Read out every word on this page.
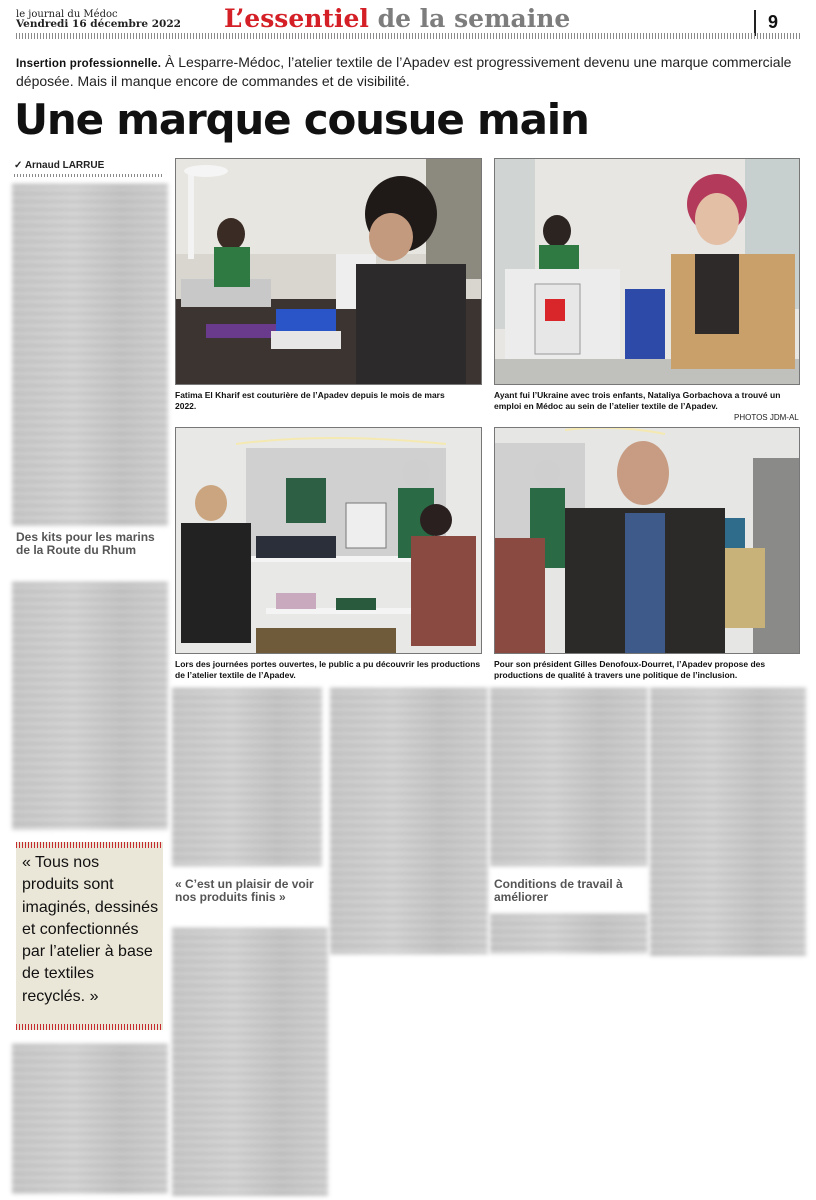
le journal du Médoc
Vendredi 16 décembre 2022 L’essentiel de la semaine	9
Insertion professionnelle. À Lesparre-Médoc, l’atelier textile de l’Apadev est progressivement devenu une marque commerciale déposée. Mais il manque encore de commandes et de visibilité.
Une marque cousue main
✓ Arnaud LARRUE
Des kits pour les marins de la Route du Rhum
« Tous nos produits sont imaginés, dessinés et confectionnés par l’atelier à base de textiles recyclés. »
Fatima El Kharif est couturière de l’Apadev depuis le mois de mars 2022.
Ayant fui l’Ukraine avec trois enfants, Nataliya Gorbachova a trouvé un emploi en Médoc au sein de l’atelier textile de l’Apadev.
PHOTOS JDM-AL
Lors des journées portes ouvertes, le public a pu découvrir les productions de l’atelier textile de l’Apadev.
Pour son président Gilles Denofoux-Dourret, l’Apadev propose des productions de qualité à travers une politique de l’inclusion.
« C’est un plaisir de voir nos produits finis »
Conditions de travail à améliorer
